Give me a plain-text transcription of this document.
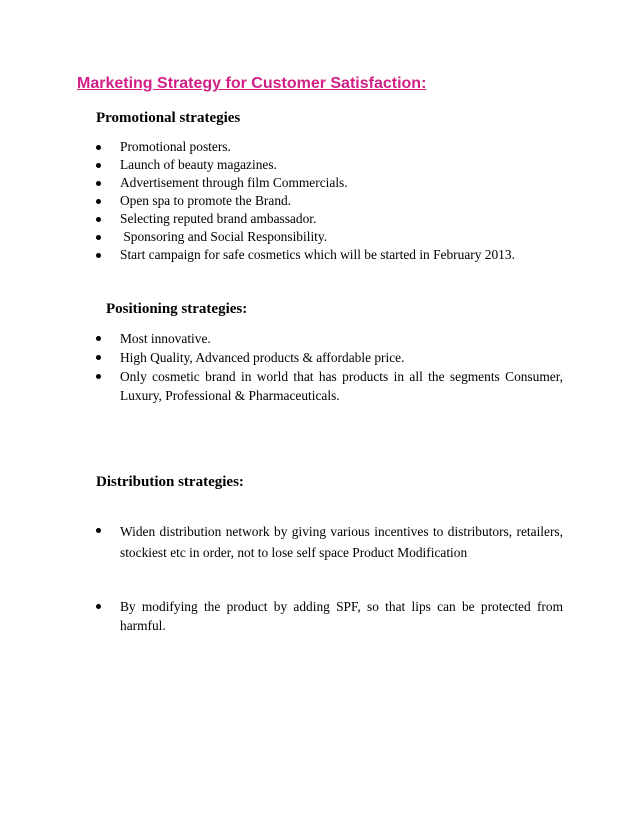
Marketing Strategy for Customer Satisfaction:
Promotional strategies
Promotional posters.
Launch of beauty magazines.
Advertisement through film Commercials.
Open spa to promote the Brand.
Selecting reputed brand ambassador.
Sponsoring and Social Responsibility.
Start campaign for safe cosmetics which will be started in February 2013.
Positioning strategies:
Most innovative.
High Quality, Advanced products & affordable price.
Only cosmetic brand in world that has products in all the segments Consumer, Luxury, Professional & Pharmaceuticals.
Distribution strategies:
Widen distribution network by giving various incentives to distributors, retailers, stockiest etc in order, not to lose self space Product Modification
By modifying the product by adding SPF, so that lips can be protected from harmful.
